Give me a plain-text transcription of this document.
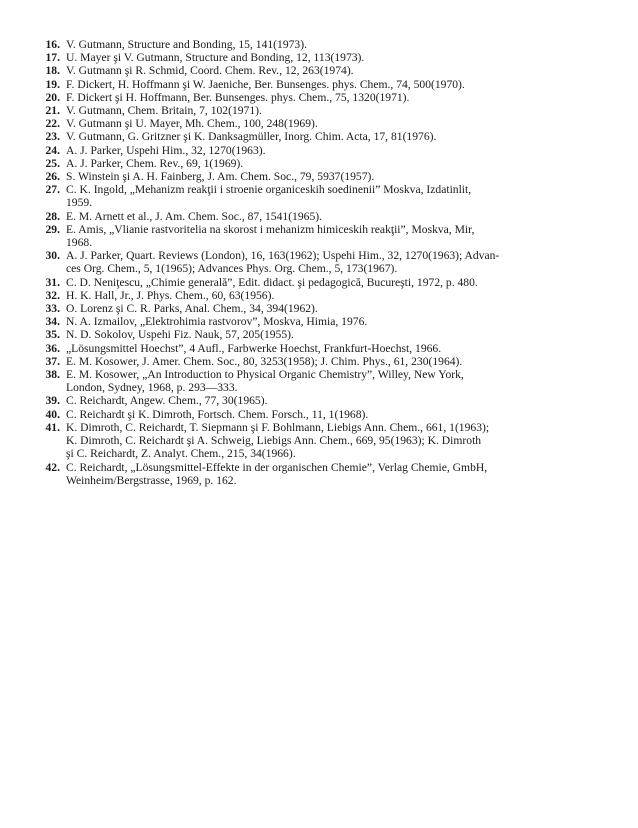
16. V. Gutmann, Structure and Bonding, 15, 141(1973).
17. U. Mayer şi V. Gutmann, Structure and Bonding, 12, 113(1973).
18. V. Gutmann şi R. Schmid, Coord. Chem. Rev., 12, 263(1974).
19. F. Dickert, H. Hoffmann şi W. Jaeniche, Ber. Bunsenges. phys. Chem., 74, 500(1970).
20. F. Dickert şi H. Hoffmann, Ber. Bunsenges. phys. Chem., 75, 1320(1971).
21. V. Gutmann, Chem. Britain, 7, 102(1971).
22. V. Gutmann şi U. Mayer, Mh. Chem., 100, 248(1969).
23. V. Gutmann, G. Gritzner şi K. Danksagmüller, Inorg. Chim. Acta, 17, 81(1976).
24. A. J. Parker, Uspehi Him., 32, 1270(1963).
25. A. J. Parker, Chem. Rev., 69, 1(1969).
26. S. Winstein şi A. H. Fainberg, J. Am. Chem. Soc., 79, 5937(1957).
27. C. K. Ingold, „Mehanizm reakţii i stroenie organiceskih soedinenii” Moskva, Izdatinlit,
1959.
28. E. M. Arnett et al., J. Am. Chem. Soc., 87, 1541(1965).
29. E. Amis, „Vlianie rastvoritelia na skorost i mehanizm himiceskih reakţii”, Moskva, Mir,
1968.
30. A. J. Parker, Quart. Reviews (London), 16, 163(1962); Uspehi Him., 32, 1270(1963); Advan-
ces Org. Chem., 5, 1(1965); Advances Phys. Org. Chem., 5, 173(1967).
31. C. D. Neniţescu, „Chimie generală”, Edit. didact. şi pedagogică, Bucureşti, 1972, p. 480.
32. H. K. Hall, Jr., J. Phys. Chem., 60, 63(1956).
33. O. Lorenz şi C. R. Parks, Anal. Chem., 34, 394(1962).
34. N. A. Izmailov, „Elektrohimia rastvorov”, Moskva, Himia, 1976.
35. N. D. Sokolov, Uspehi Fiz. Nauk, 57, 205(1955).
36. „Lösungsmittel Hoechst”, 4 Aufl., Farbwerke Hoechst, Frankfurt-Hoechst, 1966.
37. E. M. Kosower, J. Amer. Chem. Soc., 80, 3253(1958); J. Chim. Phys., 61, 230(1964).
38. E. M. Kosower, „An Introduction to Physical Organic Chemistry”, Willey, New York,
London, Sydney, 1968, p. 293—333.
39. C. Reichardt, Angew. Chem., 77, 30(1965).
40. C. Reichardt şi K. Dimroth, Fortsch. Chem. Forsch., 11, 1(1968).
41. K. Dimroth, C. Reichardt, T. Siepmann şi F. Bohlmann, Liebigs Ann. Chem., 661, 1(1963);
K. Dimroth, C. Reichardt şi A. Schweig, Liebigs Ann. Chem., 669, 95(1963); K. Dimroth
şi C. Reichardt, Z. Analyt. Chem., 215, 34(1966).
42. C. Reichardt, „Lösungsmittel-Effekte in der organischen Chemie”, Verlag Chemie, GmbH,
Weinheim/Bergstrasse, 1969, p. 162.
